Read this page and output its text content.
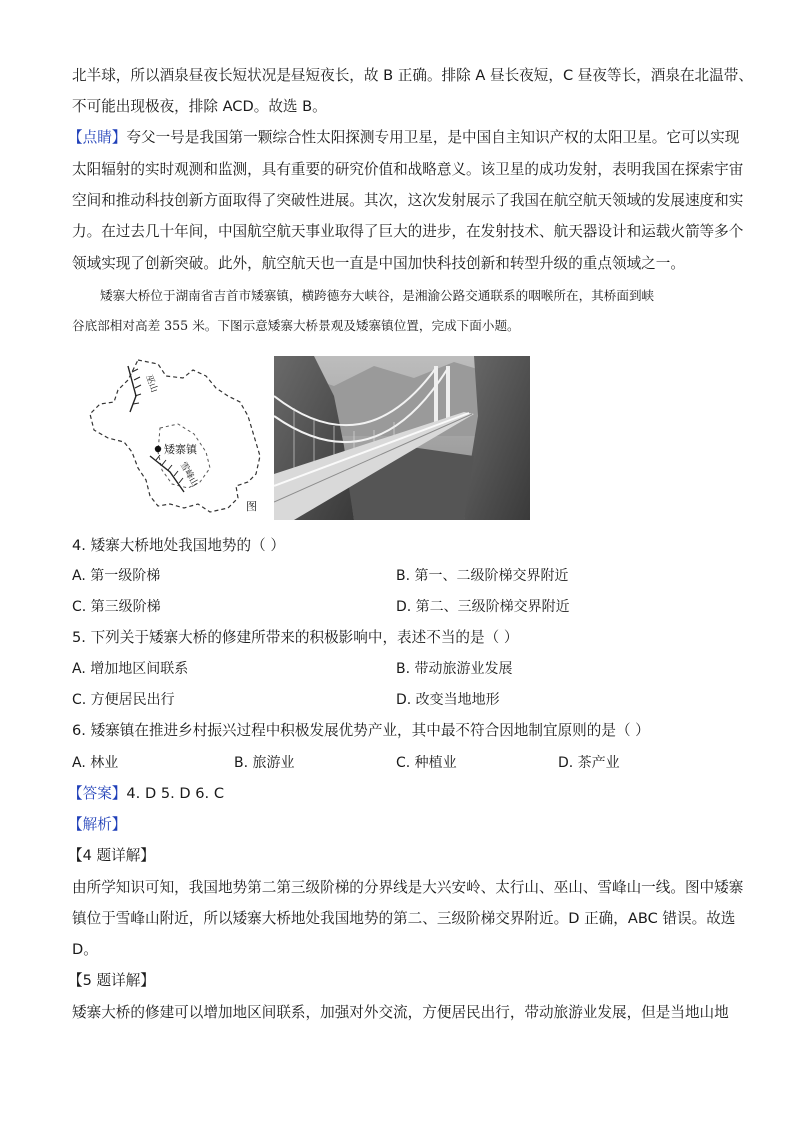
北半球，所以酒泉昼夜长短状况是昼短夜长，故 B 正确。排除 A 昼长夜短，C 昼夜等长，酒泉在北温带、
不可能出现极夜，排除 ACD。故选 B。
【点睛】夸父一号是我国第一颗综合性太阳探测专用卫星，是中国自主知识产权的太阳卫星。它可以实现
太阳辐射的实时观测和监测，具有重要的研究价值和战略意义。该卫星的成功发射，表明我国在探索宇宙
空间和推动科技创新方面取得了突破性进展。其次，这次发射展示了我国在航空航天领域的发展速度和实
力。在过去几十年间，中国航空航天事业取得了巨大的进步，在发射技术、航天器设计和运载火箭等多个
领域实现了创新突破。此外，航空航天也一直是中国加快科技创新和转型升级的重点领域之一。
矮寨大桥位于湖南省吉首市矮寨镇，横跨德夯大峡谷，是湘渝公路交通联系的咽喉所在，其桥面到峡
谷底部相对高差 355 米。下图示意矮寨大桥景观及矮寨镇位置，完成下面小题。
矮寨镇
巫山
雪峰山
图
4. 矮寨大桥地处我国地势的（ ）
A. 第一级阶梯	B. 第一、二级阶梯交界附近
C. 第三级阶梯	D. 第二、三级阶梯交界附近
5. 下列关于矮寨大桥的修建所带来的积极影响中，表述不当的是（ ）
A. 增加地区间联系	B. 带动旅游业发展
C. 方便居民出行	D. 改变当地地形
6. 矮寨镇在推进乡村振兴过程中积极发展优势产业，其中最不符合因地制宜原则的是（ ）
A. 林业	B. 旅游业	C. 种植业	D. 茶产业
【答案】4. D 5. D 6. C
【解析】
【4 题详解】
由所学知识可知，我国地势第二第三级阶梯的分界线是大兴安岭、太行山、巫山、雪峰山一线。图中矮寨
镇位于雪峰山附近，所以矮寨大桥地处我国地势的第二、三级阶梯交界附近。D 正确，ABC 错误。故选
D。
【5 题详解】
矮寨大桥的修建可以增加地区间联系，加强对外交流，方便居民出行，带动旅游业发展，但是当地山地
